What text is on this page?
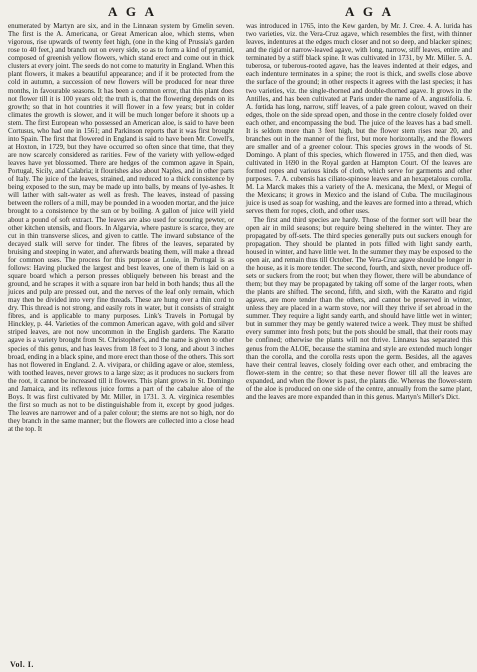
A G A	A G A

enumerated by Martyn are six, and in the Linnæan system by Gmelin seven. The first is the A. Americana, or Great American aloe, which stems, when vigorous, rise upwards of twenty feet high, (one in the king of Prussia's garden rose to 40 feet,) and branch out on every side, so as to form a kind of pyramid, composed of greenish yellow flowers, which stand erect and come out in thick clusters at every joint. The seeds do not come to maturity in England. When this plant flowers, it makes a beautiful appearance; and if it be protected from the cold in autumn, a succession of new flowers will be produced for near three months, in favourable seasons. It has been a common error, that this plant does not flower till it is 100 years old; the truth is, that the flowering depends on its growth; so that in hot countries it will flower in a few years; but in colder climates the growth is slower, and it will be much longer before it shoots up a stem. The first European who possessed an American aloe, is said to have been Cortusus, who had one in 1561; and Parkinson reports that it was first brought into Spain. The first that flowered in England is said to have been Mr. Cowell's, at Hoxton, in 1729, but they have occurred so often since that time, that they are now scarcely considered as rarities. Few of the variety with yellow-edged leaves have yet blossomed. There are hedges of the common agave in Spain, Portugal, Sicily, and Calabria; it flourishes also about Naples, and in other parts of Italy. The juice of the leaves, strained, and reduced to a thick consistence by being exposed to the sun, may be made up into balls, by means of lye-ashes. It will lather with salt-water as well as fresh. The leaves, instead of passing between the rollers of a mill, may be pounded in a wooden mortar, and the juice brought to a consistence by the sun or by boiling. A gallon of juice will yield about a pound of soft extract. The leaves are also used for scouring pewter, or other kitchen utensils, and floors. In Algarvia, where pasture is scarce, they are cut in thin transverse slices, and given to cattle. The inward substance of the decayed stalk will serve for tinder. The fibres of the leaves, separated by bruising and steeping in water, and afterwards beating them, will make a thread for common uses. The process for this purpose at Louie, in Portugal is as follows: Having plucked the largest and best leaves, one of them is laid on a square board which a person presses obliquely between his breast and the ground, and he scrapes it with a square iron bar held in both hands; thus all the juices and pulp are pressed out, and the nerves of the leaf only remain, which may then be divided into very fine threads. These are hung over a thin cord to dry. This thread is not strong, and easily rots in water, but it consists of straight fibres, and is applicable to many purposes. Link's Travels in Portugal by Hinckley, p. 44. Varieties of the common American agave, with gold and silver striped leaves, are not now uncommon in the English gardens. The Karatto agave is a variety brought from St. Christopher's, and the name is given to other species of this genus, and has leaves from 18 feet to 3 long, and about 3 inches broad, ending in a black spine, and more erect than those of the others. This sort has not flowered in England. 2. A. vivipara, or childing agave or aloe, stemless, with toothed leaves, never grows to a large size; as it produces no suckers from the root, it cannot be increased till it flowers. This plant grows in St. Domingo and Jamaica, and its reflexous juice forms a part of the cabalue aloe of the Boys. It was first cultivated by Mr. Miller, in 1731. 3. A. virginica resembles the first so much as not to be distinguishable from it, except by good judges. The leaves are narrower and of a paler colour; the stems are not so high, nor do they branch in the same manner; but the flowers are collected into a close head at the top. It

was introduced in 1765, into the Kew garden, by Mr. J. Cree. 4. A. lurida has two varieties, viz. the Vera-Cruz agave, which resembles the first, with thinner leaves, indentures at the edges much closer and not so deep, and blacker spines; and the rigid or narrow-leaved agave, with long, narrow, stiff leaves, entire and terminated by a stiff black spine. It was cultivated in 1731, by Mr. Miller. 5. A. tuberosa, or tuberous-rooted agave, has the leaves indented at their edges, and each indenture terminates in a spine; the root is thick, and swells close above the surface of the ground; in other respects it agrees with the last species; it has two varieties, viz. the single-thorned and double-thorned agave. It grows in the Antilles, and has been cultivated at Paris under the name of A. angustifolia. 6. A. fœtida has long, narrow, stiff leaves, of a pale green colour, waved on their edges, thole on the side spread open, and those in the centre closely folded over each other, and encompassing the bud. The juice of the leaves has a bad smell. It is seldom more than 3 feet high, but the flower stem rises near 20, and branches out in the manner of the first, but more horizontally, and the flowers are smaller and of a greener colour. This species grows in the woods of St. Domingo. A plant of this species, which flowered in 1755, and then died, was cultivated in 1690 in the Royal garden at Hampton Court. Of the leaves are formed ropes and various kinds of cloth, which serve for garments and other purposes. 7. A. cubensis has ciliato-spinose leaves and an hexapetalous corolla. M. La Marck makes this a variety of the A. mexicana, the Mexl, or Megui of the Mexicans; it grows in Mexico and the island of Cuba. The mucilaginous juice is used as soap for washing, and the leaves are formed into a thread, which serves them for ropes, cloth, and other uses.

The first and third species are hardy. Those of the former sort will bear the open air in mild seasons; but require being sheltered in the winter. They are propagated by off-sets. The third species generally puts out suckers enough for propagation. They should be planted in pots filled with light sandy earth, housed in winter, and have little wet. In the summer they may be exposed to the open air, and remain thus till October. The Vera-Cruz agave should be longer in the house, as it is more tender. The second, fourth, and sixth, never produce off-sets or suckers from the root; but when they flower, there will be abundance of them; but they may be propagated by taking off some of the larger roots, when the plants are shifted. The second, fifth, and sixth, with the Karatto and rigid agaves, are more tender than the others, and cannot be preserved in winter, unless they are placed in a warm stove, nor will they thrive if set abroad in the summer. They require a light sandy earth, and should have little wet in winter; but in summer they may be gently watered twice a week. They must be shifted every summer into fresh pots; but the pots should be small, that their roots may be confined; otherwise the plants will not thrive. Linnæus has separated this genus from the ALOE, because the stamina and style are extended much longer than the corolla, and the corolla rests upon the germ. Besides, all the agaves have their central leaves, closely folding over each other, and embracing the flower-stem in the centre; so that these never flower till all the leaves are expanded, and when the flower is past, the plants die. Whereas the flower-stem of the aloe is produced on one side of the centre, annually from the same plant, and the leaves are more expanded than in this genus. Martyn's Miller's Dict.

Vol. I.
